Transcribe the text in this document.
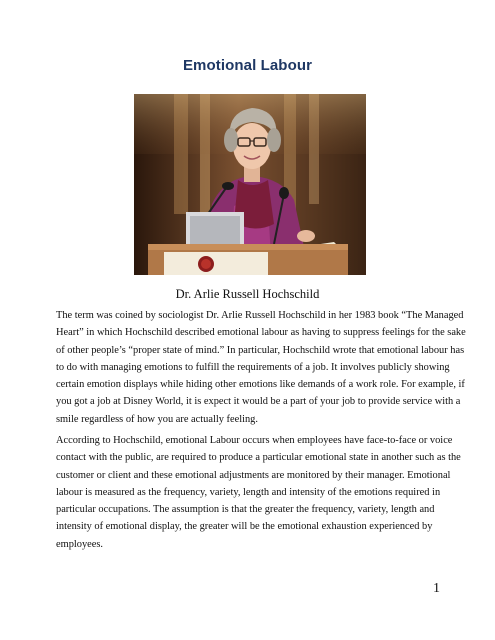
Emotional Labour
Dr. Arlie Russell Hochschild

The term was coined by sociologist Dr. Arlie Russell Hochschild in her 1983 book “The Managed
Heart” in which Hochschild described emotional labour as having to suppress feelings for the sake
of other people’s “proper state of mind.” In particular, Hochschild wrote that emotional labour has
to do with managing emotions to fulfill the requirements of a job. It involves publicly showing
certain emotion displays while hiding other emotions like demands of a work role. For example, if
you got a job at Disney World, it is expect it would be a part of your job to provide service with a
smile regardless of how you are actually feeling.

According to Hochschild, emotional Labour occurs when employees have face-to-face or voice
contact with the public, are required to produce a particular emotional state in another such as the
customer or client and these emotional adjustments are monitored by their manager. Emotional
labour is measured as the frequency, variety, length and intensity of the emotions required in
particular occupations. The assumption is that the greater the frequency, variety, length and
intensity of emotional display, the greater will be the emotional exhaustion experienced by
employees.

1
